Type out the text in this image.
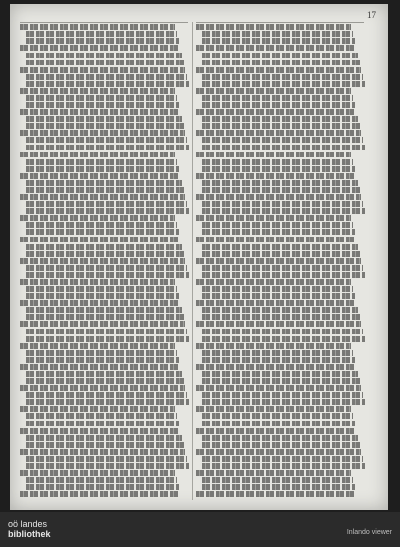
17
oö landes
bibliothek	Inlando viewer
